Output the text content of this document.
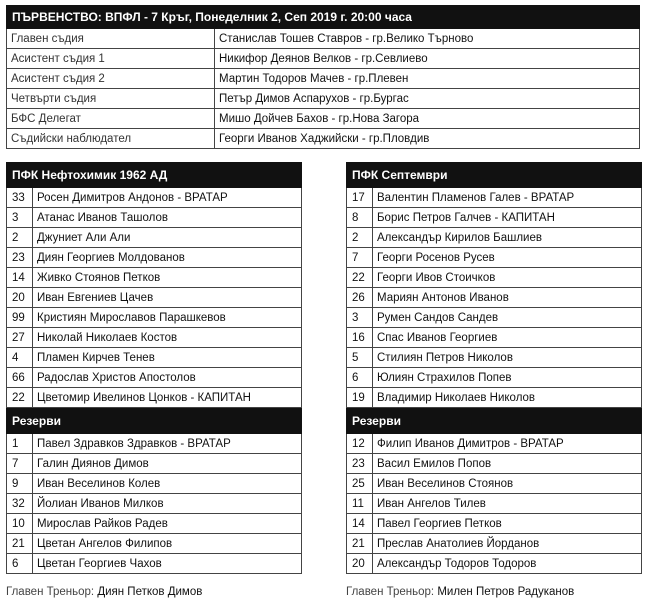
ПЪРВЕНСТВО: ВПФЛ - 7 Кръг, Понеделник 2, Сеп 2019 г. 20:00 часа	
Главен съдия	Станислав Тошев Ставров - гр.Велико Търново
Асистент съдия 1	Никифор Деянов Велков - гр.Севлиево
Асистент съдия 2	Мартин Тодоров Мачев - гр.Плевен
Четвърти съдия	Петър Димов Аспарухов - гр.Бургас
БФС Делегат	Мишо Дойчев Бахов - гр.Нова Загора
Съдийски наблюдател	Георги Иванов Хаджийски - гр.Пловдив
ПФК Нефтохимик 1962 АД	
33	Росен Димитров Андонов - ВРАТАР
3	Атанас Иванов Ташолов
2	Джуниет Али Али
23	Диян Георгиев Молдованов
14	Живко Стоянов Петков
20	Иван Евгениев Цачев
99	Кристиян Мирославов Парашкевов
27	Николай Николаев Костов
4	Пламен Кирчев Тенев
66	Радослав Христов Апостолов
22	Цветомир Ивелинов Цонков - КАПИТАН
Резерви	
1	Павел Здравков Здравков - ВРАТАР
7	Галин Диянов Димов
9	Иван Веселинов Колев
32	Йолиан Иванов Милков
10	Мирослав Райков Радев
21	Цветан Ангелов Филипов
6	Цветан Георгиев Чахов
ПФК Септември	
17	Валентин Пламенов Галев - ВРАТАР
8	Борис Петров Галчев - КАПИТАН
2	Александър Кирилов Башлиев
7	Георги Росенов Русев
22	Георги Ивов Стоичков
26	Мариян Антонов Иванов
3	Румен Сандов Сандев
16	Спас Иванов Георгиев
5	Стилиян Петров Николов
6	Юлиян Страхилов Попев
19	Владимир Николаев Николов
Резерви	
12	Филип Иванов Димитров - ВРАТАР
23	Васил Емилов Попов
25	Иван Веселинов Стоянов
11	Иван Ангелов Тилев
14	Павел Георгиев Петков
21	Преслав Анатолиев Йорданов
20	Александър Тодоров Тодоров
Главен Треньор: Диян Петков Димов	Главен Треньор: Милен Петров Радуканов
